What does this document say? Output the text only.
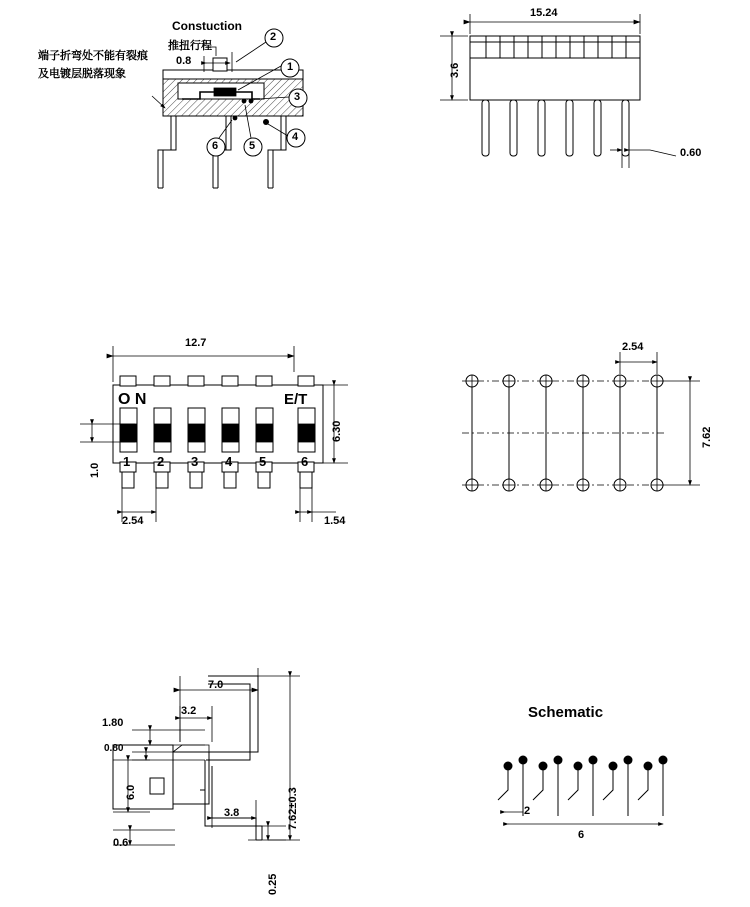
Constuction
推扭行程
0.8
端子折弯处不能有裂痕
及电镀层脱落现象
2
1
3
4
5
6
15.24
3.6
0.60
12.7
6.30
1.0
2.54	1.54
O N	E/T
1 2 3 4 5	6
2.54
7.62
7.0
3.2
1.80
0.80
6.0
0.6
3.8
0.25
7.62±0.3
Schematic
2
6
